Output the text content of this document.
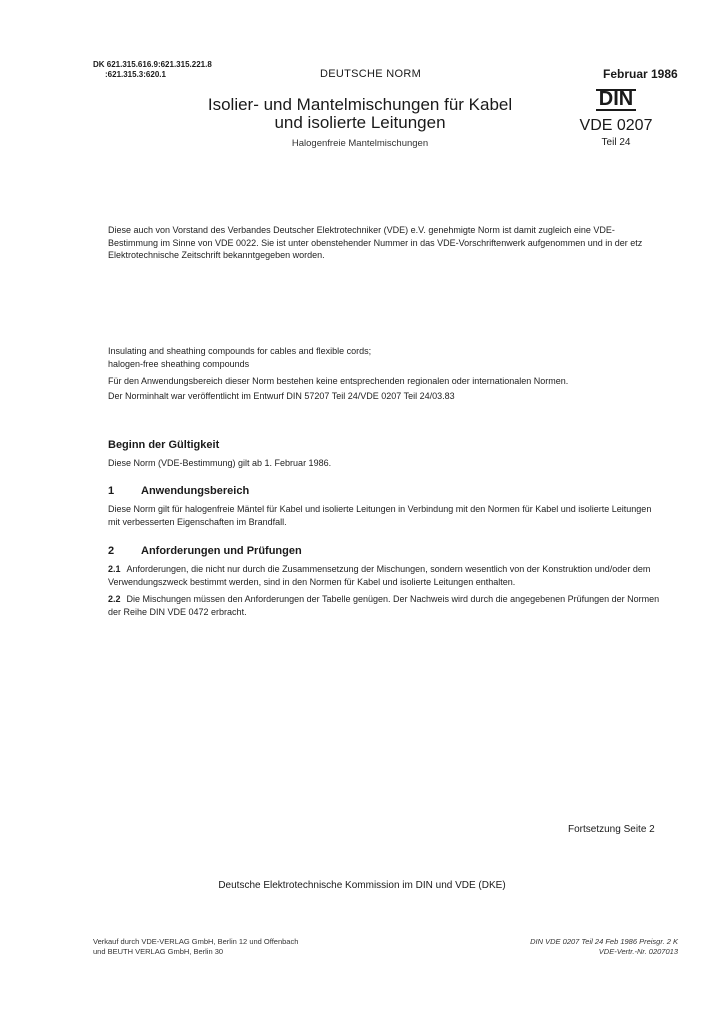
DK 621.315.616.9:621.315.221.8
:621.315.3:620.1	DEUTSCHE NORM	Februar 1986
Isolier- und Mantelmischungen für Kabel
und isolierte Leitungen
Halogenfreie Mantelmischungen
DIN
VDE 0207
Teil 24
Diese auch von Vorstand des Verbandes Deutscher Elektrotechniker (VDE) e.V. genehmigte Norm ist damit zugleich eine VDE-Bestimmung im Sinne von VDE 0022. Sie ist unter obenstehender Nummer in das VDE-Vorschriftenwerk aufgenommen und in der etz Elektrotechnische Zeitschrift bekanntgegeben worden.
Insulating and sheathing compounds for cables and flexible cords;
halogen-free sheathing compounds
Für den Anwendungsbereich dieser Norm bestehen keine entsprechenden regionalen oder internationalen Normen.
Der Norminhalt war veröffentlicht im Entwurf DIN 57207 Teil 24/VDE 0207 Teil 24/03.83
Beginn der Gültigkeit
Diese Norm (VDE-Bestimmung) gilt ab 1. Februar 1986.
1 Anwendungsbereich
Diese Norm gilt für halogenfreie Mäntel für Kabel und isolierte Leitungen in Verbindung mit den Normen für Kabel und isolierte Leitungen mit verbesserten Eigenschaften im Brandfall.
2 Anforderungen und Prüfungen
2.1 Anforderungen, die nicht nur durch die Zusammensetzung der Mischungen, sondern wesentlich von der Konstruktion und/oder dem Verwendungszweck bestimmt werden, sind in den Normen für Kabel und isolierte Leitungen enthalten.
2.2 Die Mischungen müssen den Anforderungen der Tabelle genügen. Der Nachweis wird durch die angegebenen Prüfungen der Normen der Reihe DIN VDE 0472 erbracht.
Fortsetzung Seite 2
Deutsche Elektrotechnische Kommission im DIN und VDE (DKE)
Verkauf durch VDE-VERLAG GmbH, Berlin 12 und Offenbach
und BEUTH VERLAG GmbH, Berlin 30
DIN VDE 0207 Teil 24 Feb 1986 Preisgr. 2 K
VDE-Vertr.-Nr. 0207013
